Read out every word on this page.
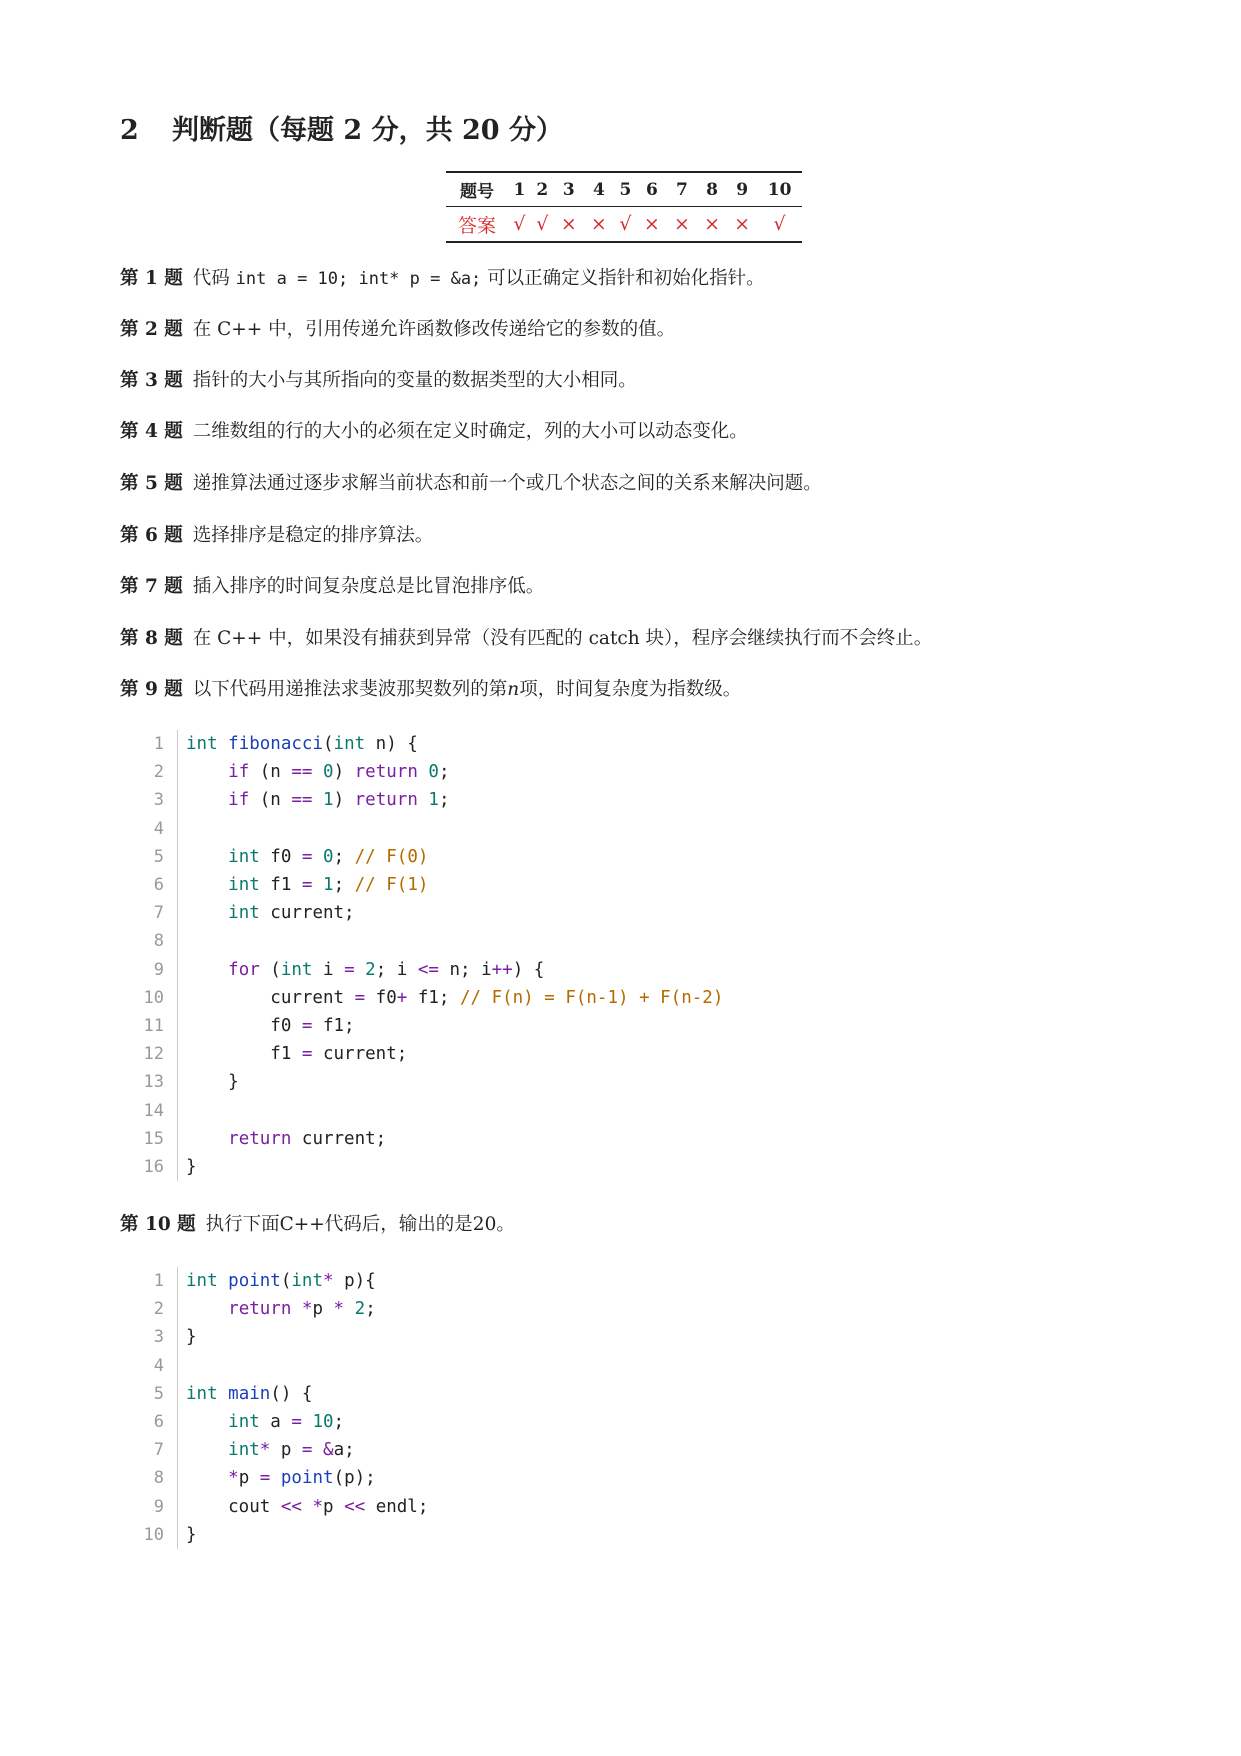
2 判断题（每题 2 分，共 20 分）
题号	1	2	3	4	5	6	7	8	9	10
答案	√	√	×	×	√	×	×	×	×	√
第 1 题 代码 int a = 10; int* p = &a; 可以正确定义指针和初始化指针。
第 2 题 在 C++ 中，引用传递允许函数修改传递给它的参数的值。
第 3 题 指针的大小与其所指向的变量的数据类型的大小相同。
第 4 题 二维数组的行的大小的必须在定义时确定，列的大小可以动态变化。
第 5 题 递推算法通过逐步求解当前状态和前一个或几个状态之间的关系来解决问题。
第 6 题 选择排序是稳定的排序算法。
第 7 题 插入排序的时间复杂度总是比冒泡排序低。
第 8 题 在 C++ 中，如果没有捕获到异常（没有匹配的 catch 块），程序会继续执行而不会终止。
第 9 题 以下代码用递推法求斐波那契数列的第n项，时间复杂度为指数级。
1	int fibonacci(int n) {
2	if (n == 0) return 0;
3	if (n == 1) return 1;
4

5	int f0 = 0; // F(0)
6	int f1 = 1; // F(1)
7	int current;
8

9	for (int i = 2; i <= n; i++) {
10	current = f0+ f1; // F(n) = F(n-1) + F(n-2)
11	f0 = f1;
12	f1 = current;
13	}
14

15	return current;
16	}
第 10 题 执行下面C++代码后，输出的是20。
1	int point(int* p){
2	return *p * 2;
3	}
4

5	int main() {
6	int a = 10;
7	int* p = &a;
8	*p = point(p);
9	cout << *p << endl;
10	}
